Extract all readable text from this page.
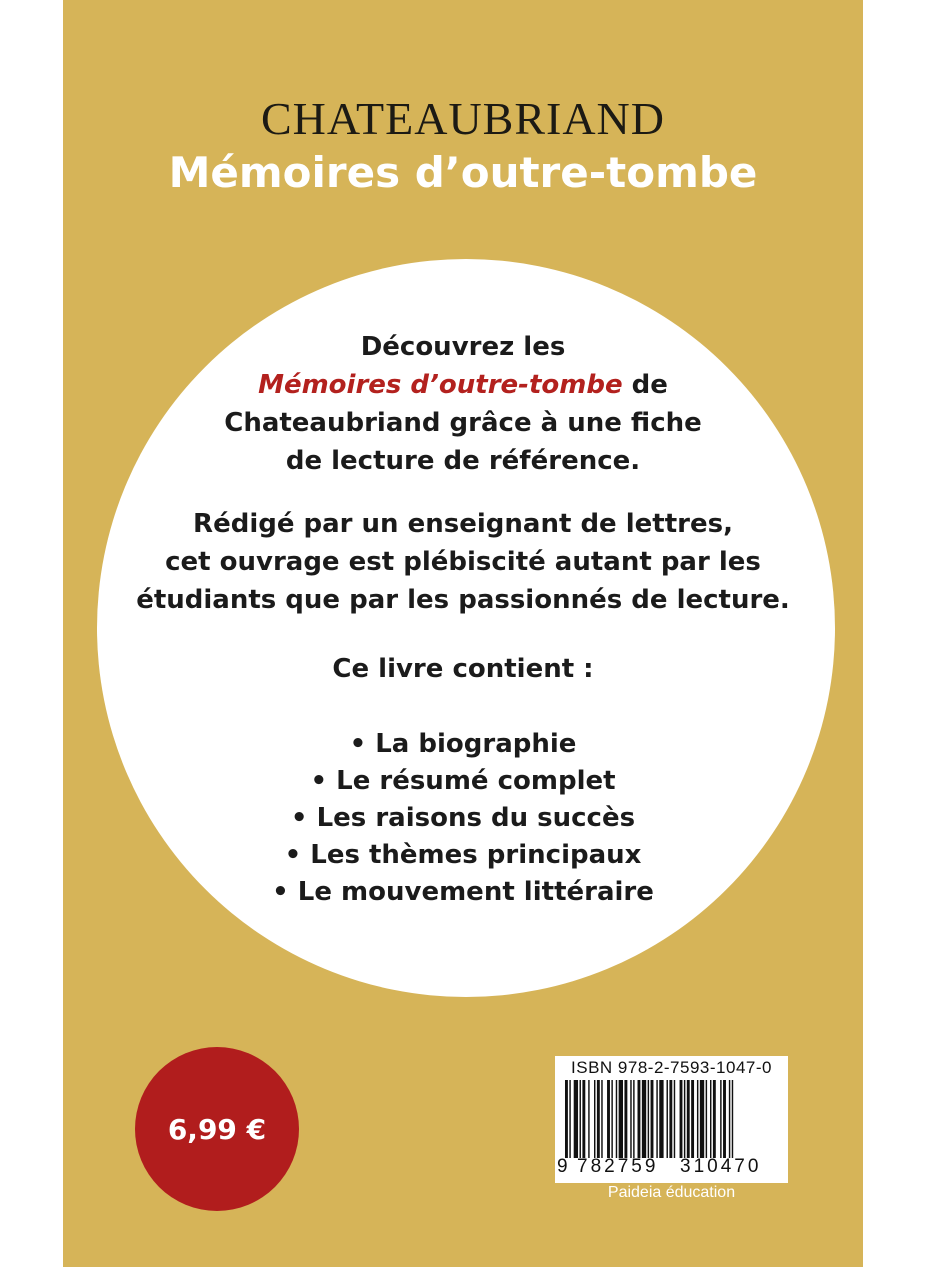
CHATEAUBRIAND
Mémoires d’outre-tombe

Découvrez les
Mémoires d’outre-tombe de
Chateaubriand grâce à une fiche
de lecture de référence.

Rédigé par un enseignant de lettres,
cet ouvrage est plébiscité autant par les
étudiants que par les passionnés de lecture.

Ce livre contient :

• La biographie
• Le résumé complet
• Les raisons du succès
• Les thèmes principaux
• Le mouvement littéraire
6,99 €
ISBN 978-2-7593-1047-0
9 782759 310470
Paideia éducation
